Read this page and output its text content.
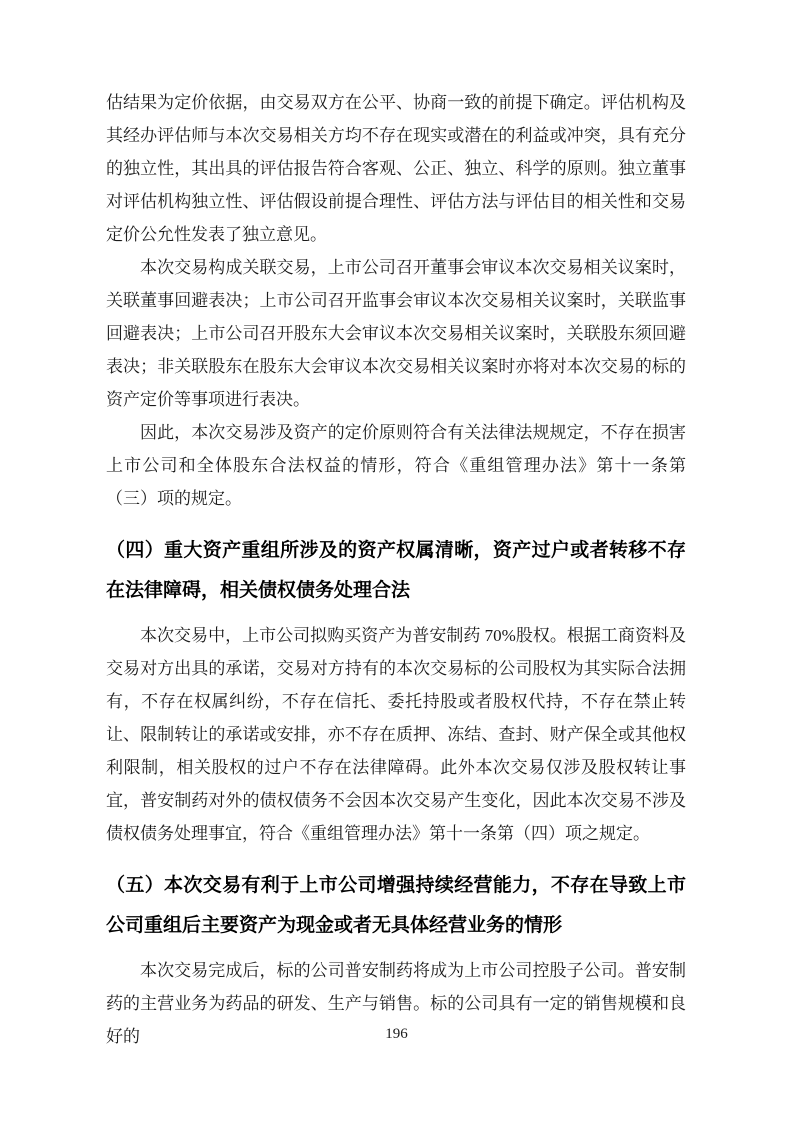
估结果为定价依据，由交易双方在公平、协商一致的前提下确定。评估机构及其经办评估师与本次交易相关方均不存在现实或潜在的利益或冲突，具有充分的独立性，其出具的评估报告符合客观、公正、独立、科学的原则。独立董事对评估机构独立性、评估假设前提合理性、评估方法与评估目的相关性和交易定价公允性发表了独立意见。

本次交易构成关联交易，上市公司召开董事会审议本次交易相关议案时，关联董事回避表决；上市公司召开监事会审议本次交易相关议案时，关联监事回避表决；上市公司召开股东大会审议本次交易相关议案时，关联股东须回避表决；非关联股东在股东大会审议本次交易相关议案时亦将对本次交易的标的资产定价等事项进行表决。

因此，本次交易涉及资产的定价原则符合有关法律法规规定，不存在损害上市公司和全体股东合法权益的情形，符合《重组管理办法》第十一条第（三）项的规定。

（四）重大资产重组所涉及的资产权属清晰，资产过户或者转移不存在法律障碍，相关债权债务处理合法

本次交易中，上市公司拟购买资产为普安制药 70%股权。根据工商资料及交易对方出具的承诺，交易对方持有的本次交易标的公司股权为其实际合法拥有，不存在权属纠纷，不存在信托、委托持股或者股权代持，不存在禁止转让、限制转让的承诺或安排，亦不存在质押、冻结、查封、财产保全或其他权利限制，相关股权的过户不存在法律障碍。此外本次交易仅涉及股权转让事宜，普安制药对外的债权债务不会因本次交易产生变化，因此本次交易不涉及债权债务处理事宜，符合《重组管理办法》第十一条第（四）项之规定。

（五）本次交易有利于上市公司增强持续经营能力，不存在导致上市公司重组后主要资产为现金或者无具体经营业务的情形

本次交易完成后，标的公司普安制药将成为上市公司控股子公司。普安制药的主营业务为药品的研发、生产与销售。标的公司具有一定的销售规模和良好的	196
